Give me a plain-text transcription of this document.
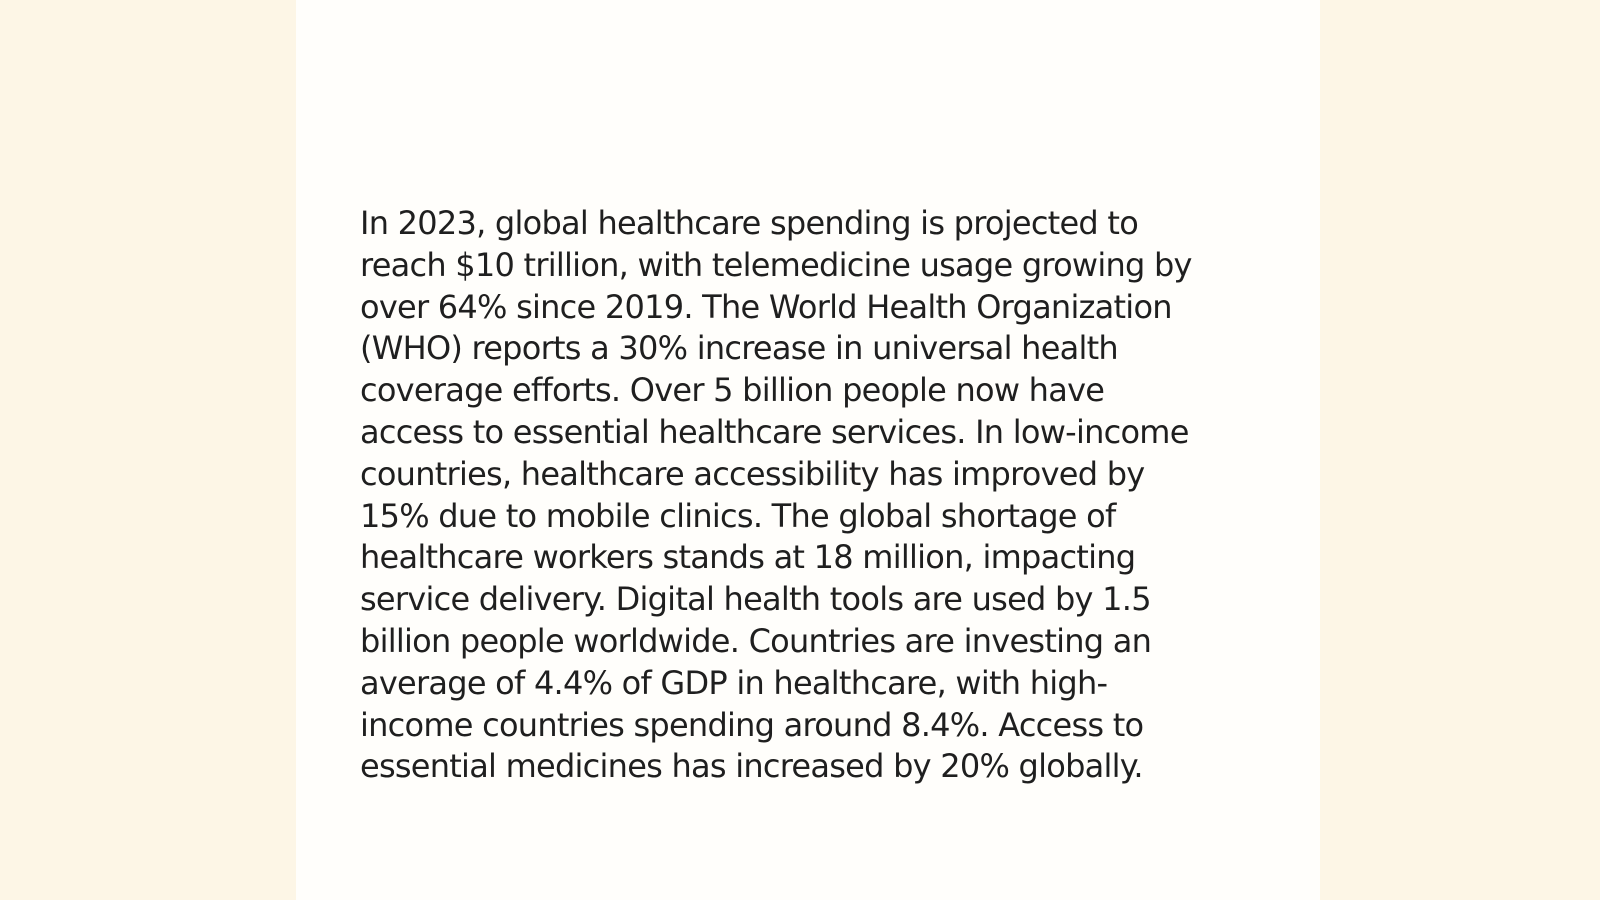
In 2023, global healthcare spending is projected to
reach $10 trillion, with telemedicine usage growing by
over 64% since 2019. The World Health Organization
(WHO) reports a 30% increase in universal health
coverage efforts. Over 5 billion people now have
access to essential healthcare services. In low-income
countries, healthcare accessibility has improved by
15% due to mobile clinics. The global shortage of
healthcare workers stands at 18 million, impacting
service delivery. Digital health tools are used by 1.5
billion people worldwide. Countries are investing an
average of 4.4% of GDP in healthcare, with high-
income countries spending around 8.4%. Access to
essential medicines has increased by 20% globally.
